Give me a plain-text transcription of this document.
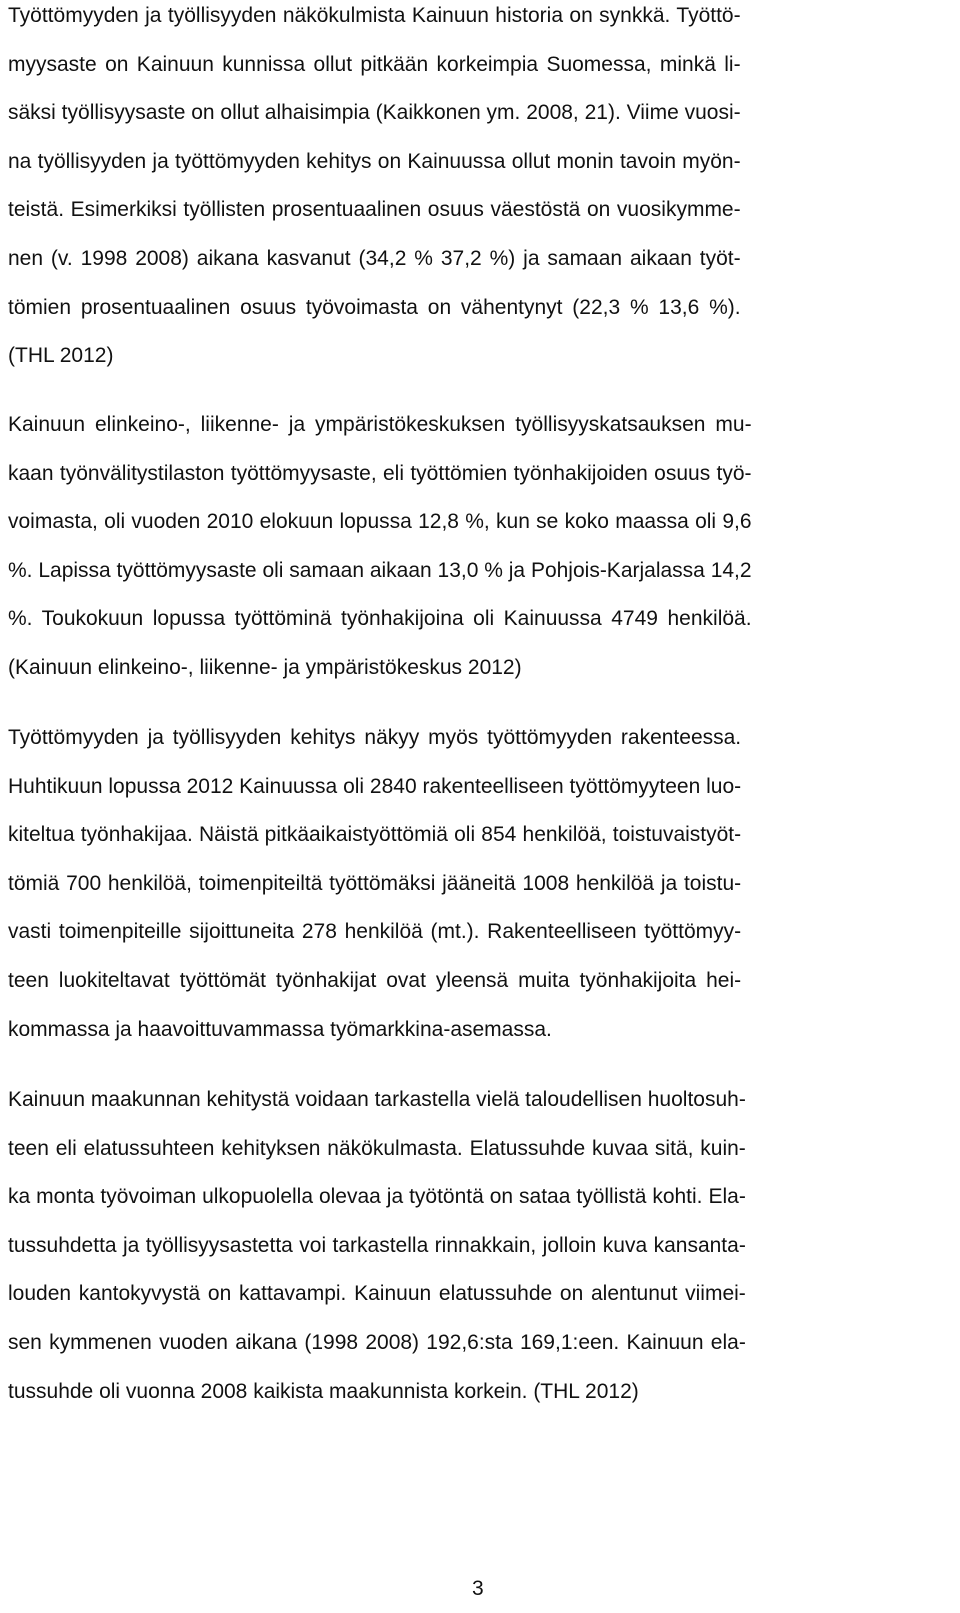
Työttömyyden ja työllisyyden näkökulmista Kainuun historia on synkkä. Työttö-
myysaste on Kainuun kunnissa ollut pitkään korkeimpia Suomessa, minkä li-
säksi työllisyysaste on ollut alhaisimpia (Kaikkonen ym. 2008, 21). Viime vuosi-
na työllisyyden ja työttömyyden kehitys on Kainuussa ollut monin tavoin myön-
teistä. Esimerkiksi työllisten prosentuaalinen osuus väestöstä on vuosikymme-
nen (v. 1998 2008) aikana kasvanut (34,2 % 37,2 %) ja samaan aikaan työt-
tömien prosentuaalinen osuus työvoimasta on vähentynyt (22,3 % 13,6 %).
(THL 2012)

Kainuun elinkeino-, liikenne- ja ympäristökeskuksen työllisyyskatsauksen mu-
kaan työnvälitystilaston työttömyysaste, eli työttömien työnhakijoiden osuus työ-
voimasta, oli vuoden 2010 elokuun lopussa 12,8 %, kun se koko maassa oli 9,6
%. Lapissa työttömyysaste oli samaan aikaan 13,0 % ja Pohjois-Karjalassa 14,2
%. Toukokuun lopussa työttöminä työnhakijoina oli Kainuussa 4749 henkilöä.
(Kainuun elinkeino-, liikenne- ja ympäristökeskus 2012)

Työttömyyden ja työllisyyden kehitys näkyy myös työttömyyden rakenteessa.
Huhtikuun lopussa 2012 Kainuussa oli 2840 rakenteelliseen työttömyyteen luo-
kiteltua työnhakijaa. Näistä pitkäaikaistyöttömiä oli 854 henkilöä, toistuvaistyöt-
tömiä 700 henkilöä, toimenpiteiltä työttömäksi jääneitä 1008 henkilöä ja toistu-
vasti toimenpiteille sijoittuneita 278 henkilöä (mt.). Rakenteelliseen työttömyy-
teen luokiteltavat työttömät työnhakijat ovat yleensä muita työnhakijoita hei-
kommassa ja haavoittuvammassa työmarkkina-asemassa.

Kainuun maakunnan kehitystä voidaan tarkastella vielä taloudellisen huoltosuh-
teen eli elatussuhteen kehityksen näkökulmasta. Elatussuhde kuvaa sitä, kuin-
ka monta työvoiman ulkopuolella olevaa ja työtöntä on sataa työllistä kohti. Ela-
tussuhdetta ja työllisyysastetta voi tarkastella rinnakkain, jolloin kuva kansanta-
louden kantokyvystä on kattavampi. Kainuun elatussuhde on alentunut viimei-
sen kymmenen vuoden aikana (1998 2008) 192,6:sta 169,1:een. Kainuun ela-
tussuhde oli vuonna 2008 kaikista maakunnista korkein. (THL 2012)

3
